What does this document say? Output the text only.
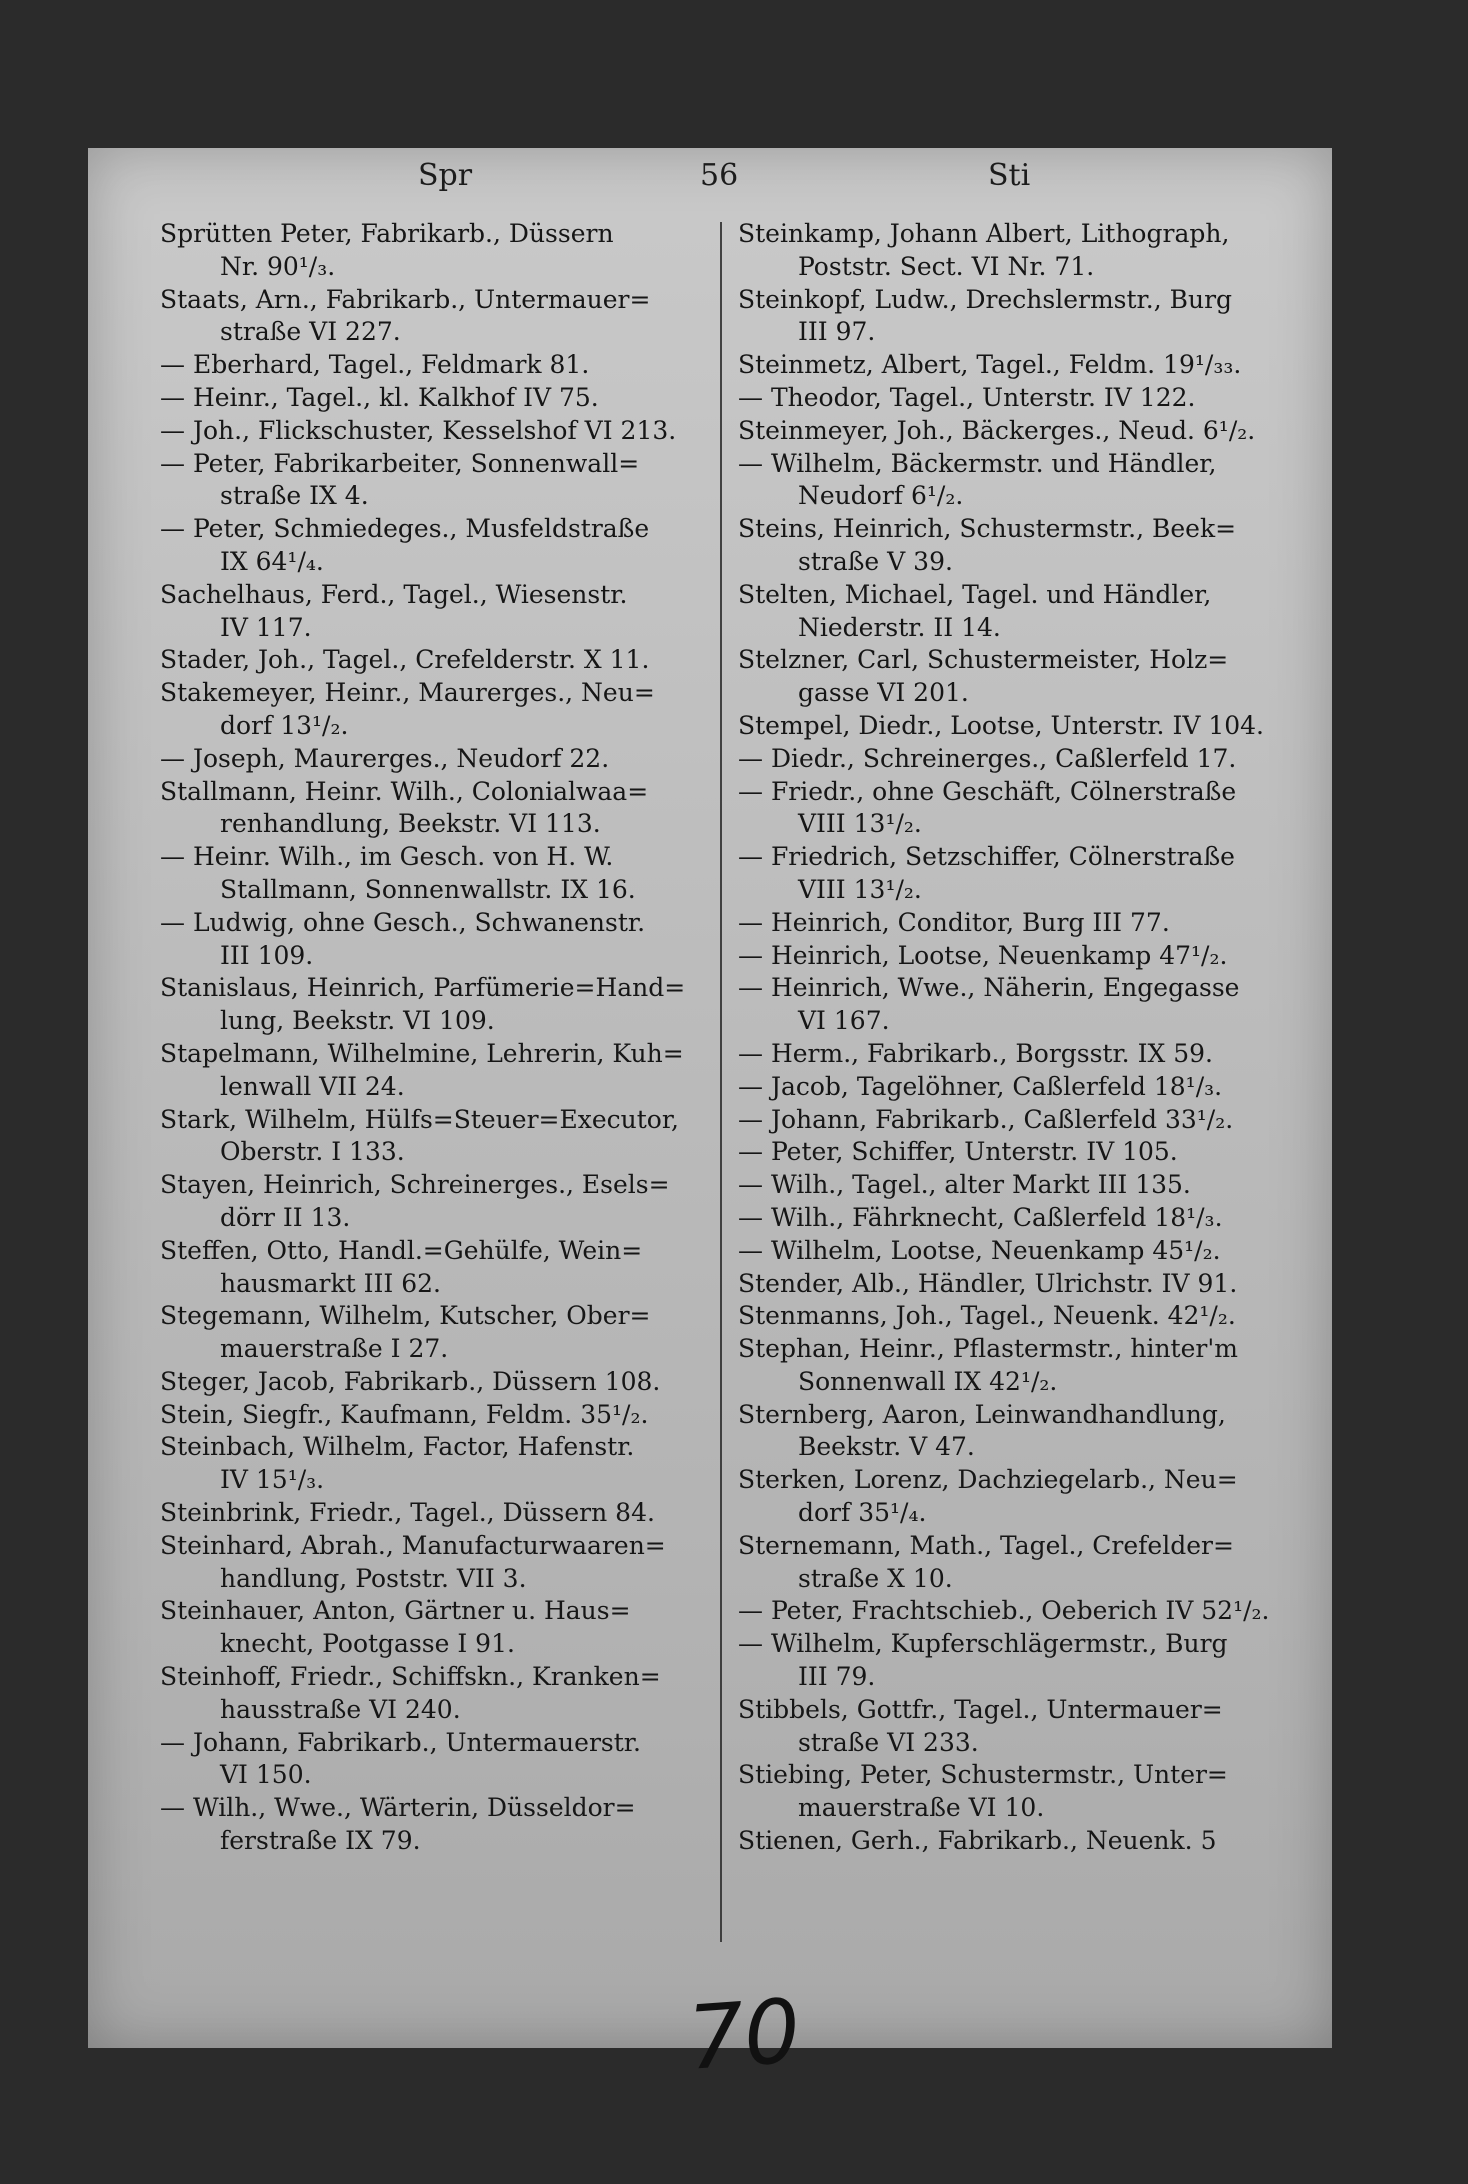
Spr	56	Sti
Sprütten Peter, Fabrikarb., Düssern
Nr. 90¹/₃.
Staats, Arn., Fabrikarb., Untermauer=
straße VI 227.
— Eberhard, Tagel., Feldmark 81.
— Heinr., Tagel., kl. Kalkhof IV 75.
— Joh., Flickschuster, Kesselshof VI 213.
— Peter, Fabrikarbeiter, Sonnenwall=
straße IX 4.
— Peter, Schmiedeges., Musfeldstraße
IX 64¹/₄.
Sachelhaus, Ferd., Tagel., Wiesenstr.
IV 117.
Stader, Joh., Tagel., Crefelderstr. X 11.
Stakemeyer, Heinr., Maurerges., Neu=
dorf 13¹/₂.
— Joseph, Maurerges., Neudorf 22.
Stallmann, Heinr. Wilh., Colonialwaa=
renhandlung, Beekstr. VI 113.
— Heinr. Wilh., im Gesch. von H. W.
Stallmann, Sonnenwallstr. IX 16.
— Ludwig, ohne Gesch., Schwanenstr.
III 109.
Stanislaus, Heinrich, Parfümerie=Hand=
lung, Beekstr. VI 109.
Stapelmann, Wilhelmine, Lehrerin, Kuh=
lenwall VII 24.
Stark, Wilhelm, Hülfs=Steuer=Executor,
Oberstr. I 133.
Stayen, Heinrich, Schreinerges., Esels=
dörr II 13.
Steffen, Otto, Handl.=Gehülfe, Wein=
hausmarkt III 62.
Stegemann, Wilhelm, Kutscher, Ober=
mauerstraße I 27.
Steger, Jacob, Fabrikarb., Düssern 108.
Stein, Siegfr., Kaufmann, Feldm. 35¹/₂.
Steinbach, Wilhelm, Factor, Hafenstr.
IV 15¹/₃.
Steinbrink, Friedr., Tagel., Düssern 84.
Steinhard, Abrah., Manufacturwaaren=
handlung, Poststr. VII 3.
Steinhauer, Anton, Gärtner u. Haus=
knecht, Pootgasse I 91.
Steinhoff, Friedr., Schiffskn., Kranken=
hausstraße VI 240.
— Johann, Fabrikarb., Untermauerstr.
VI 150.
— Wilh., Wwe., Wärterin, Düsseldor=
ferstraße IX 79.
Steinkamp, Johann Albert, Lithograph,
Poststr. Sect. VI Nr. 71.
Steinkopf, Ludw., Drechslermstr., Burg
III 97.
Steinmetz, Albert, Tagel., Feldm. 19¹/₃₃.
— Theodor, Tagel., Unterstr. IV 122.
Steinmeyer, Joh., Bäckerges., Neud. 6¹/₂.
— Wilhelm, Bäckermstr. und Händler,
Neudorf 6¹/₂.
Steins, Heinrich, Schustermstr., Beek=
straße V 39.
Stelten, Michael, Tagel. und Händler,
Niederstr. II 14.
Stelzner, Carl, Schustermeister, Holz=
gasse VI 201.
Stempel, Diedr., Lootse, Unterstr. IV 104.
— Diedr., Schreinerges., Caßlerfeld 17.
— Friedr., ohne Geschäft, Cölnerstraße
VIII 13¹/₂.
— Friedrich, Setzschiffer, Cölnerstraße
VIII 13¹/₂.
— Heinrich, Conditor, Burg III 77.
— Heinrich, Lootse, Neuenkamp 47¹/₂.
— Heinrich, Wwe., Näherin, Engegasse
VI 167.
— Herm., Fabrikarb., Borgsstr. IX 59.
— Jacob, Tagelöhner, Caßlerfeld 18¹/₃.
— Johann, Fabrikarb., Caßlerfeld 33¹/₂.
— Peter, Schiffer, Unterstr. IV 105.
— Wilh., Tagel., alter Markt III 135.
— Wilh., Fährknecht, Caßlerfeld 18¹/₃.
— Wilhelm, Lootse, Neuenkamp 45¹/₂.
Stender, Alb., Händler, Ulrichstr. IV 91.
Stenmanns, Joh., Tagel., Neuenk. 42¹/₂.
Stephan, Heinr., Pflastermstr., hinter'm
Sonnenwall IX 42¹/₂.
Sternberg, Aaron, Leinwandhandlung,
Beekstr. V 47.
Sterken, Lorenz, Dachziegelarb., Neu=
dorf 35¹/₄.
Sternemann, Math., Tagel., Crefelder=
straße X 10.
— Peter, Frachtschieb., Oeberich IV 52¹/₂.
— Wilhelm, Kupferschlägermstr., Burg
III 79.
Stibbels, Gottfr., Tagel., Untermauer=
straße VI 233.
Stiebing, Peter, Schustermstr., Unter=
mauerstraße VI 10.
Stienen, Gerh., Fabrikarb., Neuenk. 5
70
